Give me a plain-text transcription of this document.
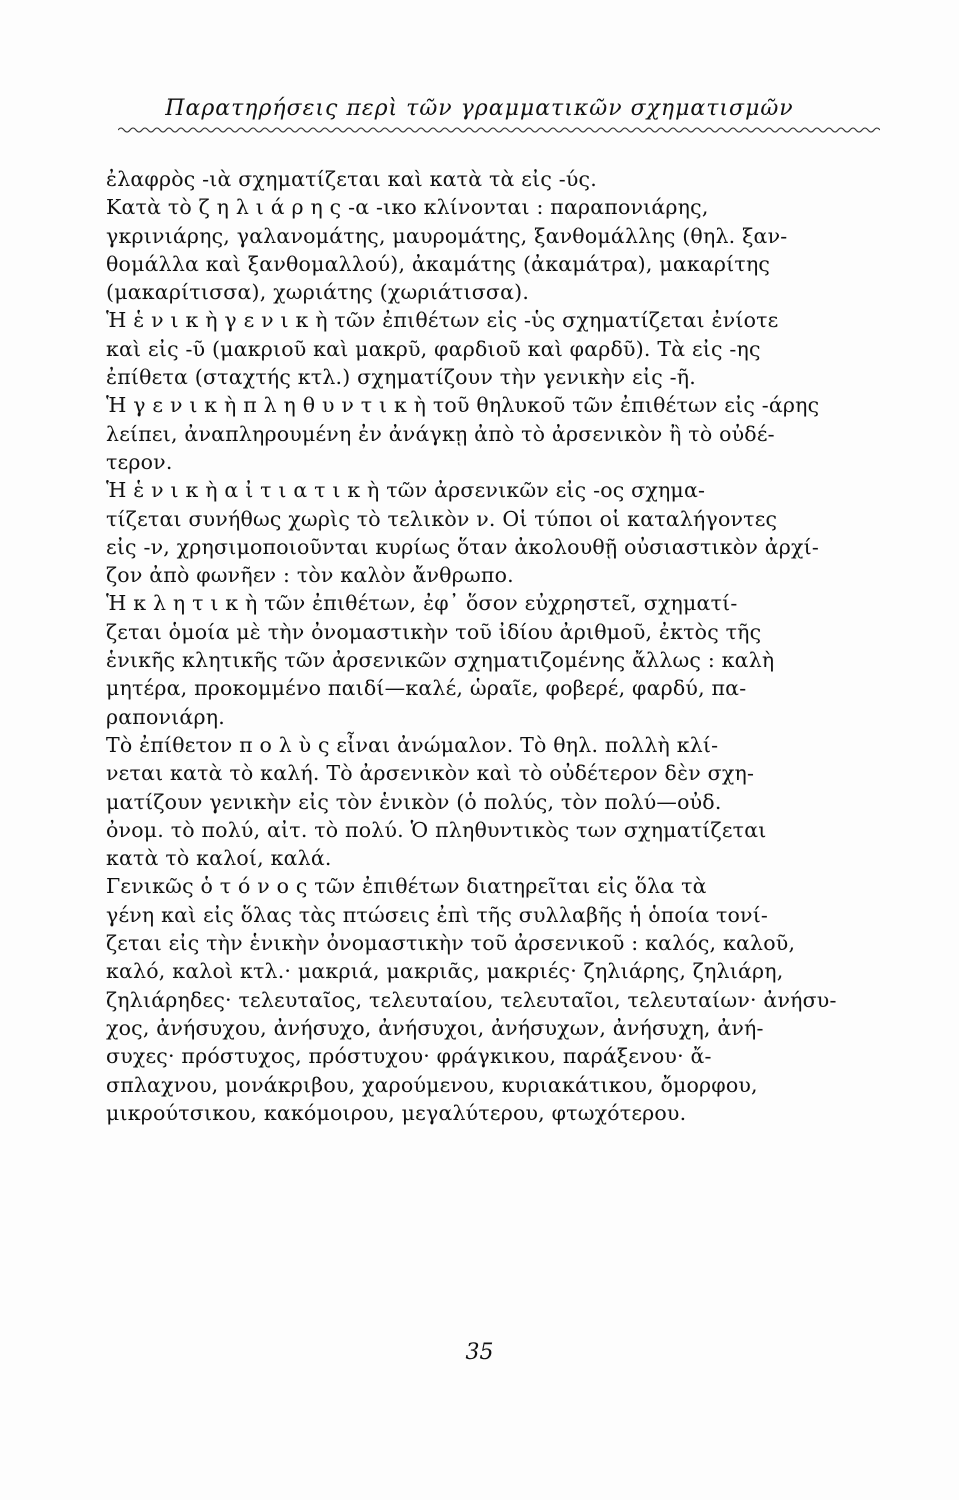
Παρατηρήσεις περὶ τῶν γραμματικῶν σχηματισμῶν
ἐλαφρὸς -ιὰ σχηματίζεται καὶ κατὰ τὰ εἰς -ύς.
Κατὰ τὸ ζ η λ ι ά ρ η ς -α -ικο κλίνονται : παραπονιάρης,
γκρινιάρης, γαλανομάτης, μαυρομάτης, ξανθομάλλης (θηλ. ξαν-
θομάλλα καὶ ξανθομαλλού), ἀκαμάτης (ἀκαμάτρα), μακαρίτης
(μακαρίτισσα), χωριάτης (χωριάτισσα).
Ἡ ἑ ν ι κ ὴ γ ε ν ι κ ὴ τῶν ἐπιθέτων εἰς -ὑς σχηματίζεται ἐνίοτε
καὶ εἰς -ῦ (μακριοῦ καὶ μακρῦ, φαρδιοῦ καὶ φαρδῦ). Τὰ εἰς -ης
ἐπίθετα (σταχτής κτλ.) σχηματίζουν τὴν γενικὴν εἰς -ῆ.
Ἡ γ ε ν ι κ ὴ π λ η θ υ ν τ ι κ ὴ τοῦ θηλυκοῦ τῶν ἐπιθέτων εἰς -άρης
λείπει, ἀναπληρουμένη ἐν ἀνάγκῃ ἀπὸ τὸ ἀρσενικὸν ἢ τὸ οὐδέ-
τερον.
Ἡ ἑ ν ι κ ὴ α ἰ τ ι α τ ι κ ὴ τῶν ἀρσενικῶν εἰς -ος σχημα-
τίζεται συνήθως χωρὶς τὸ τελικὸν ν. Οἱ τύποι οἱ καταλήγοντες
εἰς -ν, χρησιμοποιοῦνται κυρίως ὅταν ἀκολουθῇ οὐσιαστικὸν ἀρχί-
ζον ἀπὸ φωνῆεν : τὸν καλὸν ἄνθρωπο.
Ἡ κ λ η τ ι κ ὴ τῶν ἐπιθέτων, ἐφ᾽ ὅσον εὐχρηστεῖ, σχηματί-
ζεται ὁμοία μὲ τὴν ὀνομαστικὴν τοῦ ἰδίου ἀριθμοῦ, ἐκτὸς τῆς
ἑνικῆς κλητικῆς τῶν ἀρσενικῶν σχηματιζομένης ἄλλως : καλὴ
μητέρα, προκομμένο παιδί—καλέ, ὡραῖε, φοβερέ, φαρδύ, πα-
ραπονιάρη.
Τὸ ἐπίθετον π ο λ ὺ ς εἶναι ἀνώμαλον. Τὸ θηλ. πολλὴ κλί-
νεται κατὰ τὸ καλή. Τὸ ἀρσενικὸν καὶ τὸ οὐδέτερον δὲν σχη-
ματίζουν γενικὴν εἰς τὸν ἑνικὸν (ὁ πολύς, τὸν πολύ—οὐδ.
ὀνομ. τὸ πολύ, αἰτ. τὸ πολύ. Ὁ πληθυντικὸς των σχηματίζεται
κατὰ τὸ καλοί, καλά.
Γενικῶς ὁ τ ό ν ο ς τῶν ἐπιθέτων διατηρεῖται εἰς ὅλα τὰ
γένη καὶ εἰς ὅλας τὰς πτώσεις ἐπὶ τῆς συλλαβῆς ἡ ὁποία τονί-
ζεται εἰς τὴν ἑνικὴν ὀνομαστικὴν τοῦ ἀρσενικοῦ : καλός, καλοῦ,
καλό, καλοὶ κτλ.· μακριά, μακριᾶς, μακριές· ζηλιάρης, ζηλιάρη,
ζηλιάρηδες· τελευταῖος, τελευταίου, τελευταῖοι, τελευταίων· ἀνήσυ-
χος, ἀνήσυχου, ἀνήσυχο, ἀνήσυχοι, ἀνήσυχων, ἀνήσυχη, ἀνή-
συχες· πρόστυχος, πρόστυχου· φράγκικου, παράξενου· ἄ-
σπλαχνου, μονάκριβου, χαρούμενου, κυριακάτικου, ὄμορφου,
μικρούτσικου, κακόμοιρου, μεγαλύτερου, φτωχότερου.
35
